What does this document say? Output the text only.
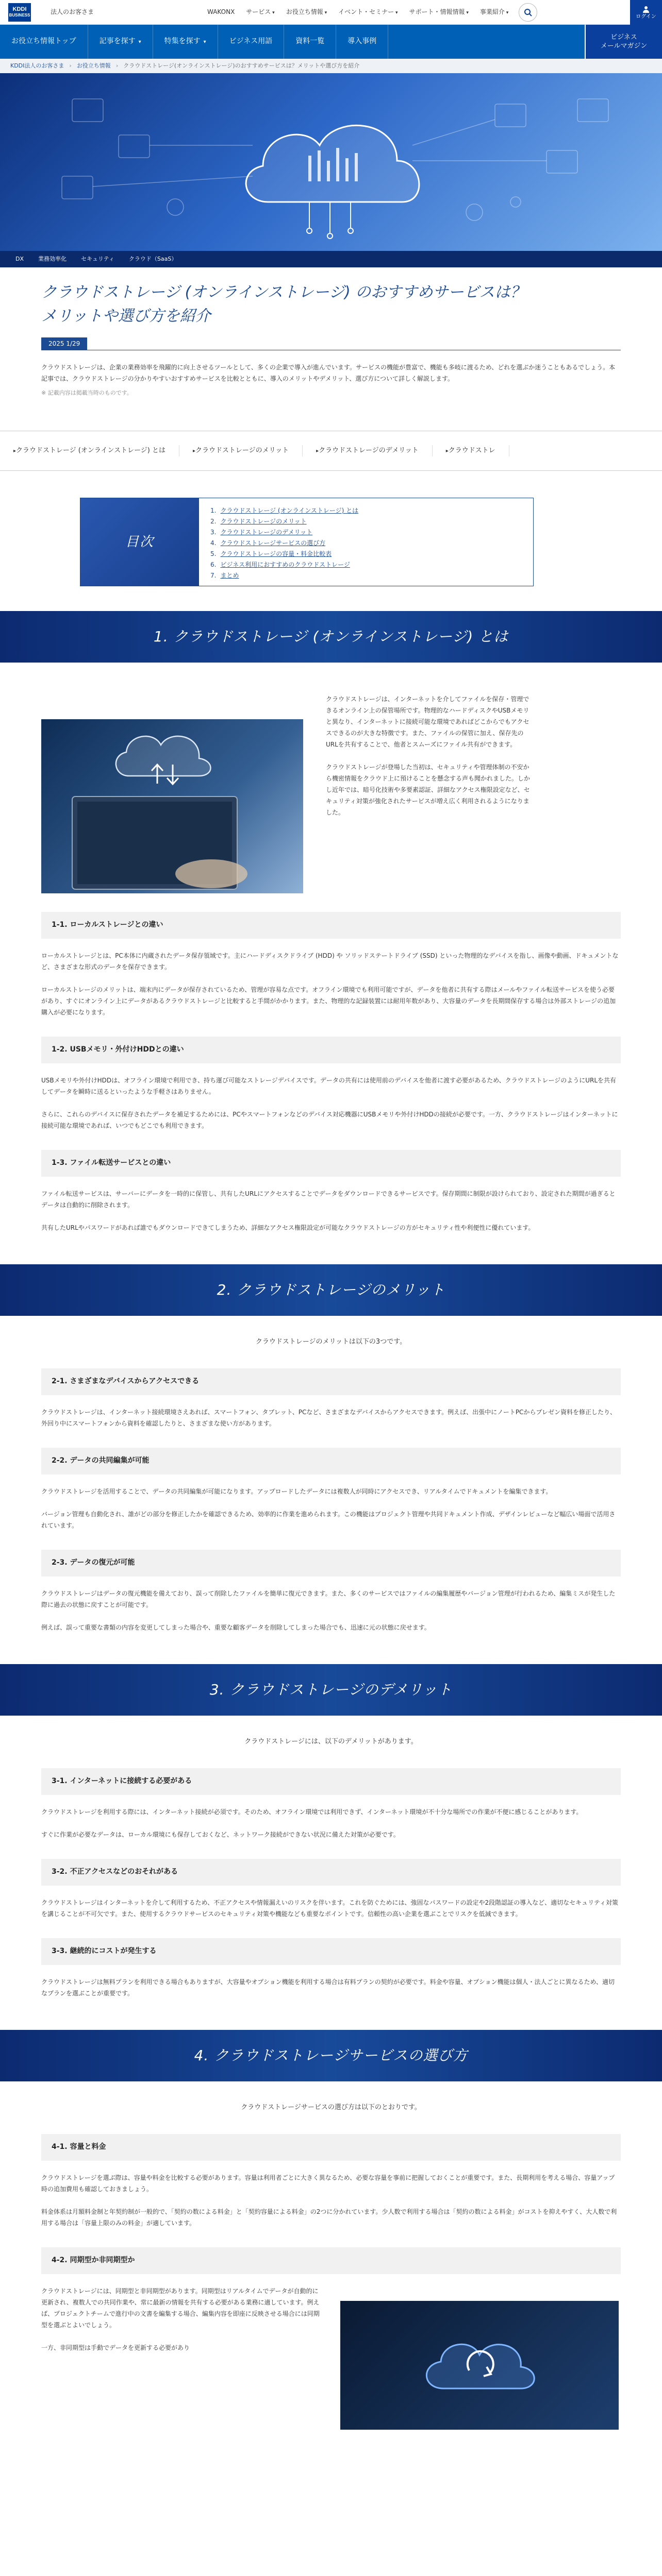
KDDI
BUSINESS	法人のお客さま	WAKONX サービス ▾	お役立ち情報 ▾	イベント・セミナー ▾	サポート・情報情報 ▾	事業紹介 ▾
ログイン
お役立ち情報トップ	記事を探す ▾	特集を探す ▾	ビジネス用語	資料一覧	導入事例	ビジネス
メールマガジン
KDDI法人のお客さま › お役立ち情報 › クラウドストレージ(オンラインストレージ)のおすすめサービスは？メリットや選び方を紹介
DX	業務効率化	セキュリティ	クラウド（SaaS）
クラウドストレージ (オンラインストレージ) のおすすめサービスは？
メリットや選び方を紹介
2025 1/29

クラウドストレージは、企業の業務効率を飛躍的に向上させるツールとして、多くの企業で導入が進んでいます。サービスの機能が豊富で、機能も多岐に渡るため、どれを選ぶか迷うこともあるでしょう。本記事では、クラウドストレージの分かりやすいおすすめサービスを比較とともに、導入のメリットやデメリット、選び方について詳しく解説します。

※ 記載内容は掲載当時のものです。

▸ クラウドストレージ (オンラインストレージ) とは	▸ クラウドストレージのメリット	▸ クラウドストレージのデメリット	▸ クラウドストレ
目次
1. クラウドストレージ (オンラインストレージ) とは
2. クラウドストレージのメリット
3. クラウドストレージのデメリット
4. クラウドストレージサービスの選び方
5. クラウドストレージの容量・料金比較表
6. ビジネス利用におすすめのクラウドストレージ
7. まとめ
1. クラウドストレージ (オンラインストレージ) とは

クラウドストレージは、インターネットを介してファイルを保存・管理できるオンライン上の保管場所です。物理的なハードディスクやUSBメモリと異なり、インターネットに接続可能な環境であればどこからでもアクセスできるのが大きな特徴です。また、ファイルの保管に加え、保存先のURLを共有することで、他者とスムーズにファイル共有ができます。

クラウドストレージが登場した当初は、セキュリティや管理体制の不安から機密情報をクラウド上に預けることを懸念する声も聞かれました。しかし近年では、暗号化技術や多要素認証、詳細なアクセス権限設定など、セキュリティ対策が強化されたサービスが増え広く利用されるようになりました。

1-1. ローカルストレージとの違い

ローカルストレージとは、PC本体に内蔵されたデータ保存領域です。主にハードディスクドライブ (HDD) や ソリッドステートドライブ (SSD) といった物理的なデバイスを指し、画像や動画、ドキュメントなど、さまざまな形式のデータを保存できます。

ローカルストレージのメリットは、端末内にデータが保存されているため、管理が容易な点です。オフライン環境でも利用可能ですが、データを他者に共有する際はメールやファイル転送サービスを使う必要があり、すぐにオンライン上にデータがあるクラウドストレージと比較すると手間がかかります。また、物理的な記録装置には耐用年数があり、大容量のデータを長期間保存する場合は外部ストレージの追加購入が必要になります。

1-2. USBメモリ・外付けHDDとの違い

USBメモリや外付けHDDは、オフライン環境で利用でき、持ち運び可能なストレージデバイスです。データの共有には使用前のデバイスを他者に渡す必要があるため、クラウドストレージのようにURLを共有してデータを瞬時に送るといったような手軽さはありません。

さらに、これらのデバイスに保存されたデータを補足するためには、PCやスマートフォンなどのデバイス対応機器にUSBメモリや外付けHDDの接続が必要です。一方、クラウドストレージはインターネットに接続可能な環境であれば、いつでもどこでも利用できます。

1-3. ファイル転送サービスとの違い

ファイル転送サービスは、サーバーにデータを一時的に保管し、共有したURLにアクセスすることでデータをダウンロードできるサービスです。保存期間に制限が設けられており、設定された期間が過ぎるとデータは自動的に削除されます。

共有したURLやパスワードがあれば誰でもダウンロードできてしまうため、詳細なアクセス権限設定が可能なクラウドストレージの方がセキュリティ性や利便性に優れています。

2. クラウドストレージのメリット

クラウドストレージのメリットは以下の3つです。

2-1. さまざまなデバイスからアクセスできる

クラウドストレージは、インターネット接続環境さえあれば、スマートフォン、タブレット、PCなど、さまざまなデバイスからアクセスできます。例えば、出張中にノートPCからプレゼン資料を修正したり、外回り中にスマートフォンから資料を確認したりと、さまざまな使い方があります。

2-2. データの共同編集が可能

クラウドストレージを活用することで、データの共同編集が可能になります。アップロードしたデータには複数人が同時にアクセスでき、リアルタイムでドキュメントを編集できます。

バージョン管理も自動化され、誰がどの部分を修正したかを確認できるため、効率的に作業を進められます。この機能はプロジェクト管理や共同ドキュメント作成、デザインレビューなど幅広い場面で活用されています。

2-3. データの復元が可能

クラウドストレージはデータの復元機能を備えており、誤って削除したファイルを簡単に復元できます。また、多くのサービスではファイルの編集履歴やバージョン管理が行われるため、編集ミスが発生した際に過去の状態に戻すことが可能です。

例えば、誤って重要な書類の内容を変更してしまった場合や、重要な顧客データを削除してしまった場合でも、迅速に元の状態に戻せます。

3. クラウドストレージのデメリット

クラウドストレージには、以下のデメリットがあります。

3-1. インターネットに接続する必要がある

クラウドストレージを利用する際には、インターネット接続が必須です。そのため、オフライン環境では利用できず、インターネット環境が不十分な場所での作業が不便に感じることがあります。

すぐに作業が必要なデータは、ローカル環境にも保存しておくなど、ネットワーク接続ができない状況に備えた対策が必要です。

3-2. 不正アクセスなどのおそれがある

クラウドストレージはインターネットを介して利用するため、不正アクセスや情報漏えいのリスクを伴います。これを防ぐためには、強固なパスワードの設定や2段階認証の導入など、適切なセキュリティ対策を講じることが不可欠です。また、使用するクラウドサービスのセキュリティ対策や機能なども重要なポイントです。信頼性の高い企業を選ぶことでリスクを低減できます。

3-3. 継続的にコストが発生する

クラウドストレージは無料プランを利用できる場合もありますが、大容量やオプション機能を利用する場合は有料プランの契約が必要です。料金や容量、オプション機能は個人・法人ごとに異なるため、適切なプランを選ぶことが重要です。

4. クラウドストレージサービスの選び方

クラウドストレージサービスの選び方は以下のとおりです。

4-1. 容量と料金

クラウドストレージを選ぶ際は、容量や料金を比較する必要があります。容量は利用者ごとに大きく異なるため、必要な容量を事前に把握しておくことが重要です。また、長期利用を考える場合、容量アップ時の追加費用も確認しておきましょう。

料金体系は月額料金制と年契約制が一般的で、「契約の数による料金」と「契約容量による料金」の2つに分かれています。少人数で利用する場合は「契約の数による料金」がコストを抑えやすく、大人数で利用する場合は「容量上限のみの料金」が適しています。

4-2. 同期型か非同期型か

クラウドストレージには、同期型と非同期型があります。同期型はリアルタイムでデータが自動的に更新され、複数人での共同作業や、常に最新の情報を共有する必要がある業務に適しています。例えば、プロジェクトチームで進行中の文書を編集する場合、編集内容を即座に反映させる場合には同期型を選ぶとよいでしょう。

一方、非同期型は手動でデータを更新する必要があり
